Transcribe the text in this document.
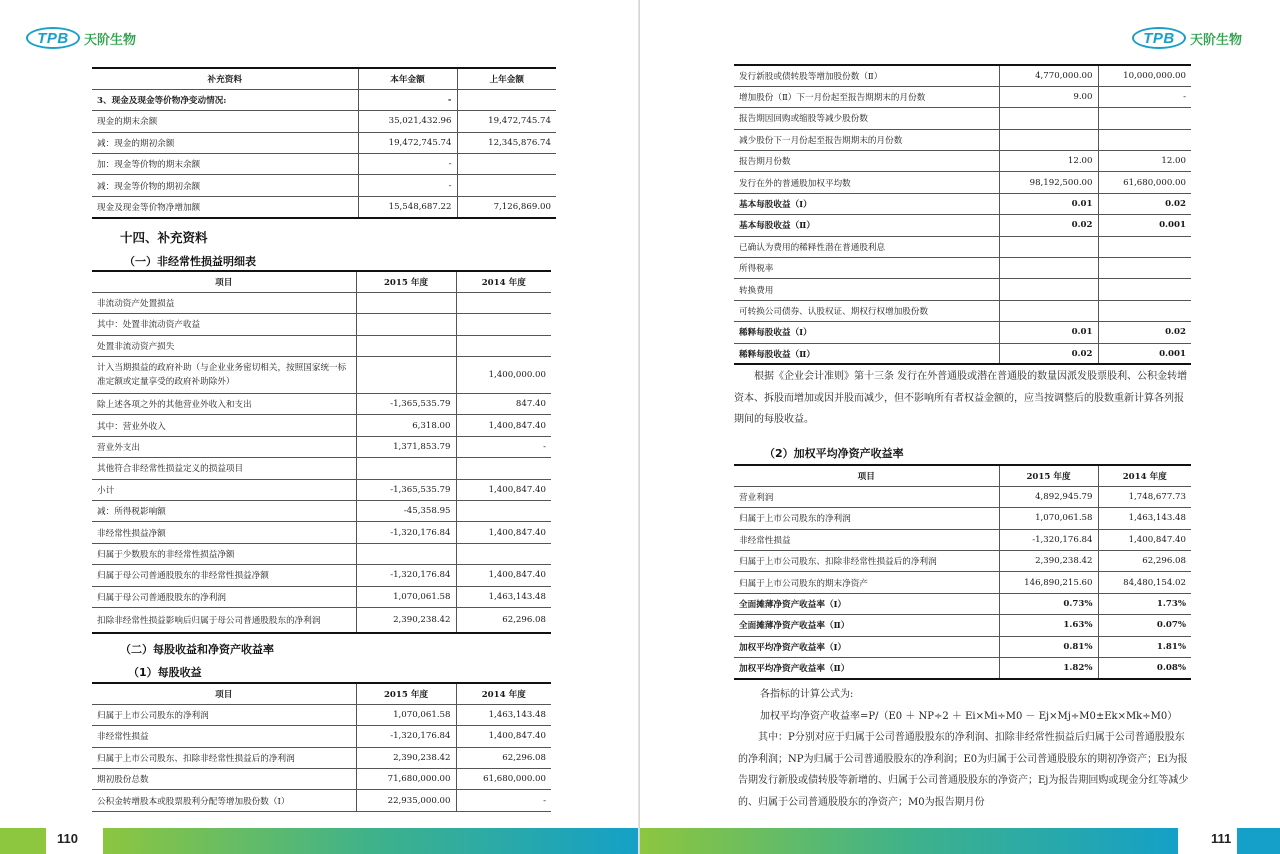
TPB	天阶生物
补充资料	本年金额	上年金额
3、现金及现金等价物净变动情况:	-	
现金的期末余额	35,021,432.96	19,472,745.74
减：现金的期初余额	19,472,745.74	12,345,876.74
加：现金等价物的期末余额	-	
减：现金等价物的期初余额	-	
现金及现金等价物净增加额	15,548,687.22	7,126,869.00
十四、补充资料
（一）非经常性损益明细表
项目	2015 年度	2014 年度
非流动资产处置损益		
其中：处置非流动资产收益		
处置非流动资产损失		
计入当期损益的政府补助（与企业业务密切相关，按照国家统一标准定额或定量享受的政府补助除外）		1,400,000.00
除上述各项之外的其他营业外收入和支出	-1,365,535.79	847.40
其中：营业外收入	6,318.00	1,400,847.40
营业外支出	1,371,853.79	-
其他符合非经常性损益定义的损益项目		
小计	-1,365,535.79	1,400,847.40
减：所得税影响额	-45,358.95	
非经常性损益净额	-1,320,176.84	1,400,847.40
归属于少数股东的非经常性损益净额		
归属于母公司普通股股东的非经常性损益净额	-1,320,176.84	1,400,847.40
归属于母公司普通股股东的净利润	1,070,061.58	1,463,143.48
扣除非经常性损益影响后归属于母公司普通股股东的净利润	2,390,238.42	62,296.08
（二）每股收益和净资产收益率
（1）每股收益
项目	2015 年度	2014 年度
归属于上市公司股东的净利润	1,070,061.58	1,463,143.48
非经常性损益	-1,320,176.84	1,400,847.40
归属于上市公司股东、扣除非经常性损益后的净利润	2,390,238.42	62,296.08
期初股份总数	71,680,000.00	61,680,000.00
公积金转增股本或股票股利分配等增加股份数（Ⅰ）	22,935,000.00	-
110
TPB	天阶生物
发行新股或债转股等增加股份数（Ⅱ）	4,770,000.00	10,000,000.00
增加股份（Ⅱ）下一月份起至报告期期末的月份数	9.00	-
报告期因回购或缩股等减少股份数		
减少股份下一月份起至报告期期末的月份数		
报告期月份数	12.00	12.00
发行在外的普通股加权平均数	98,192,500.00	61,680,000.00
基本每股收益（Ⅰ）	0.01	0.02
基本每股收益（Ⅱ）	0.02	0.001
已确认为费用的稀释性潜在普通股利息		
所得税率		
转换费用		
可转换公司债券、认股权证、期权行权增加股份数		
稀释每股收益（Ⅰ）	0.01	0.02
稀释每股收益（Ⅱ）	0.02	0.001
根据《企业会计准则》第十三条 发行在外普通股或潜在普通股的数量因派发股票股利、公积金转增资本、拆股而增加或因并股而减少，但不影响所有者权益金额的，应当按调整后的股数重新计算各列报期间的每股收益。
（2）加权平均净资产收益率
项目	2015 年度	2014 年度
营业利润	4,892,945.79	1,748,677.73
归属于上市公司股东的净利润	1,070,061.58	1,463,143.48
非经常性损益	-1,320,176.84	1,400,847.40
归属于上市公司股东、扣除非经常性损益后的净利润	2,390,238.42	62,296.08
归属于上市公司股东的期末净资产	146,890,215.60	84,480,154.02
全面摊薄净资产收益率（Ⅰ）	0.73%	1.73%
全面摊薄净资产收益率（Ⅱ）	1.63%	0.07%
加权平均净资产收益率（Ⅰ）	0.81%	1.81%
加权平均净资产收益率（Ⅱ）	1.82%	0.08%
各指标的计算公式为:
加权平均净资产收益率=P/（E0 ＋ NP÷2 ＋ Ei×Mi÷M0 － Ej×Mj÷M0±Ek×Mk÷M0）
其中：P分别对应于归属于公司普通股股东的净利润、扣除非经常性损益后归属于公司普通股股东的净利润；NP为归属于公司普通股股东的净利润；E0为归属于公司普通股股东的期初净资产；Ei为报告期发行新股或债转股等新增的、归属于公司普通股股东的净资产；Ej为报告期回购或现金分红等减少的、归属于公司普通股股东的净资产；M0为报告期月份
111
